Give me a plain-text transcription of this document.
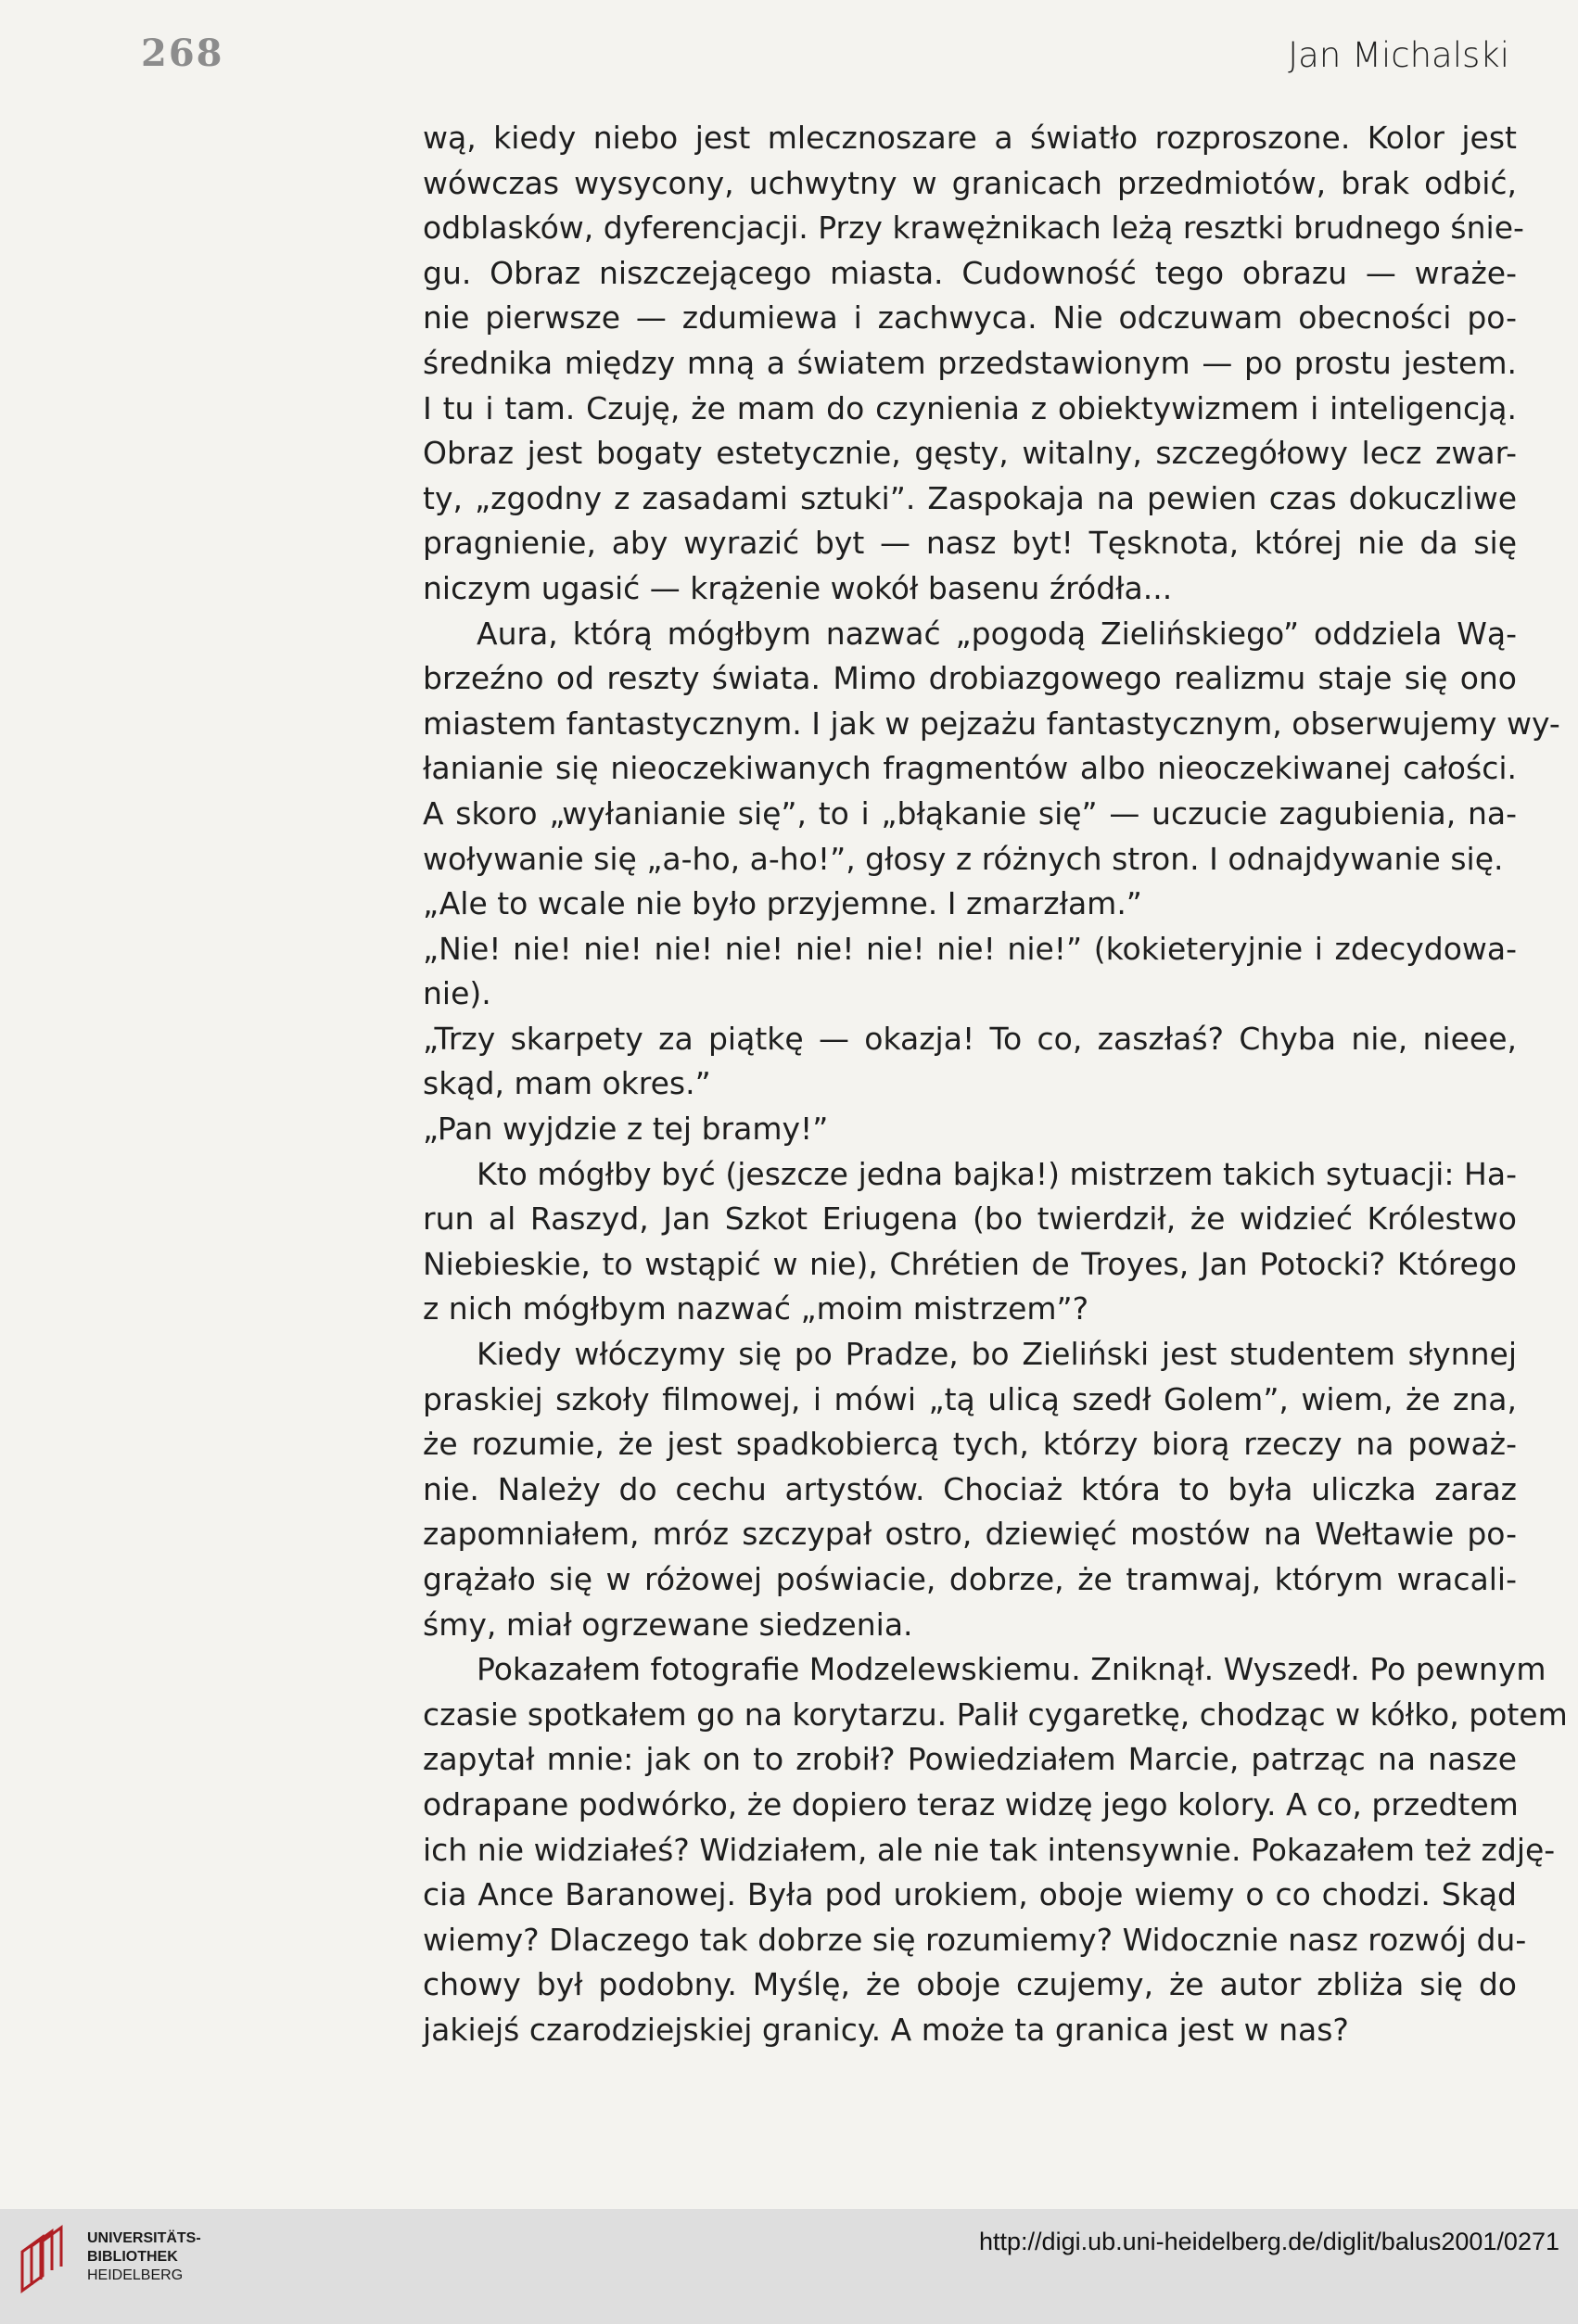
268	Jan Michalski
wą, kiedy niebo jest mlecznoszare a światło rozproszone. Kolor jest
wówczas wysycony, uchwytny w granicach przedmiotów, brak odbić,
odblasków, dyferencjacji. Przy krawężnikach leżą resztki brudnego śnie-
gu. Obraz niszczejącego miasta. Cudowność tego obrazu — wraże-
nie pierwsze — zdumiewa i zachwyca. Nie odczuwam obecności po-
średnika między mną a światem przedstawionym — po prostu jestem.
I tu i tam. Czuję, że mam do czynienia z obiektywizmem i inteligencją.
Obraz jest bogaty estetycznie, gęsty, witalny, szczegółowy lecz zwar-
ty, „zgodny z zasadami sztuki”. Zaspokaja na pewien czas dokuczliwe
pragnienie, aby wyrazić byt — nasz byt! Tęsknota, której nie da się
niczym ugasić — krążenie wokół basenu źródła...
Aura, którą mógłbym nazwać „pogodą Zielińskiego” oddziela Wą-
brzeźno od reszty świata. Mimo drobiazgowego realizmu staje się ono
miastem fantastycznym. I jak w pejzażu fantastycznym, obserwujemy wy-
łanianie się nieoczekiwanych fragmentów albo nieoczekiwanej całości.
A skoro „wyłanianie się”, to i „błąkanie się” — uczucie zagubienia, na-
woływanie się „a-ho, a-ho!”, głosy z różnych stron. I odnajdywanie się.
„Ale to wcale nie było przyjemne. I zmarzłam.”
„Nie! nie! nie! nie! nie! nie! nie! nie! nie!” (kokieteryjnie i zdecydowa-
nie).
„Trzy skarpety za piątkę — okazja! To co, zaszłaś? Chyba nie, nieee,
skąd, mam okres.”
„Pan wyjdzie z tej bramy!”
Kto mógłby być (jeszcze jedna bajka!) mistrzem takich sytuacji: Ha-
run al Raszyd, Jan Szkot Eriugena (bo twierdził, że widzieć Królestwo
Niebieskie, to wstąpić w nie), Chrétien de Troyes, Jan Potocki? Którego
z nich mógłbym nazwać „moim mistrzem”?
Kiedy włóczymy się po Pradze, bo Zieliński jest studentem słynnej
praskiej szkoły filmowej, i mówi „tą ulicą szedł Golem”, wiem, że zna,
że rozumie, że jest spadkobiercą tych, którzy biorą rzeczy na poważ-
nie. Należy do cechu artystów. Chociaż która to była uliczka zaraz
zapomniałem, mróz szczypał ostro, dziewięć mostów na Wełtawie po-
grążało się w różowej poświacie, dobrze, że tramwaj, którym wracali-
śmy, miał ogrzewane siedzenia.
Pokazałem fotografie Modzelewskiemu. Zniknął. Wyszedł. Po pewnym
czasie spotkałem go na korytarzu. Palił cygaretkę, chodząc w kółko, potem
zapytał mnie: jak on to zrobił? Powiedziałem Marcie, patrząc na nasze
odrapane podwórko, że dopiero teraz widzę jego kolory. A co, przedtem
ich nie widziałeś? Widziałem, ale nie tak intensywnie. Pokazałem też zdję-
cia Ance Baranowej. Była pod urokiem, oboje wiemy o co chodzi. Skąd
wiemy? Dlaczego tak dobrze się rozumiemy? Widocznie nasz rozwój du-
chowy był podobny. Myślę, że oboje czujemy, że autor zbliża się do
jakiejś czarodziejskiej granicy. A może ta granica jest w nas?
UNIVERSITÄTS-
BIBLIOTHEK
HEIDELBERG
http://digi.ub.uni-heidelberg.de/diglit/balus2001/0271
